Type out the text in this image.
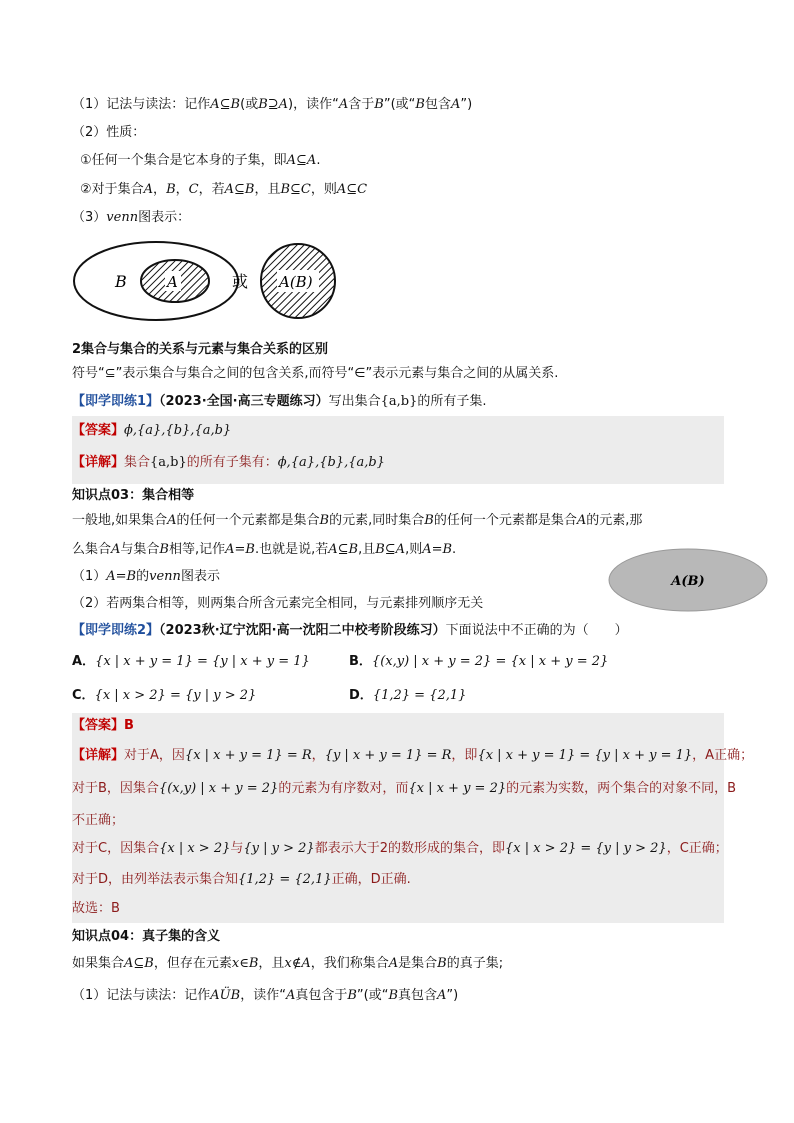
（1）记法与读法：记作A⊆B(或B⊇A)，读作“A含于B”(或“B包含A”)
（2）性质：
①任何一个集合是它本身的子集，即A⊆A.
②对于集合A，B，C，若A⊆B，且B⊆C，则A⊆C
（3）venn图表示：
B	A	或 A(B)
2集合与集合的关系与元素与集合关系的区别
符号“⊆”表示集合与集合之间的包含关系,而符号“∈”表示元素与集合之间的从属关系.
【即学即练1】（2023·全国·高三专题练习）写出集合{a,b}的所有子集.
【答案】ϕ,{a},{b},{a,b}
【详解】集合{a,b}的所有子集有：ϕ,{a},{b},{a,b}
知识点03：集合相等
一般地,如果集合A的任何一个元素都是集合B的元素,同时集合B的任何一个元素都是集合A的元素,那
么集合A与集合B相等,记作A=B.也就是说,若A⊆B,且B⊆A,则A=B.
（1）A=B的venn图表示
（2）若两集合相等，则两集合所含元素完全相同，与元素排列顺序无关
A(B)
【即学即练2】（2023秋·辽宁沈阳·高一沈阳二中校考阶段练习）下面说法中不正确的为（　　）
A．{x | x + y = 1} = {y | x + y = 1}	B．{(x,y) | x + y = 2} = {x | x + y = 2}
C．{x | x > 2} = {y | y > 2}	D．{1,2} = {2,1}
【答案】B
【详解】对于A，因{x | x + y = 1} = R，{y | x + y = 1} = R，即{x | x + y = 1} = {y | x + y = 1}，A正确；
对于B，因集合{(x,y) | x + y = 2}的元素为有序数对，而{x | x + y = 2}的元素为实数，两个集合的对象不同，B
不正确；
对于C，因集合{x | x > 2}与{y | y > 2}都表示大于2的数形成的集合，即{x | x > 2} = {y | y > 2}，C正确；
对于D，由列举法表示集合知{1,2} = {2,1}正确，D正确.
故选：B
知识点04：真子集的含义
如果集合A⊆B，但存在元素x∈B，且x∉A，我们称集合A是集合B的真子集;
（1）记法与读法：记作AÜB，读作“A真包含于B”(或“B真包含A”)
